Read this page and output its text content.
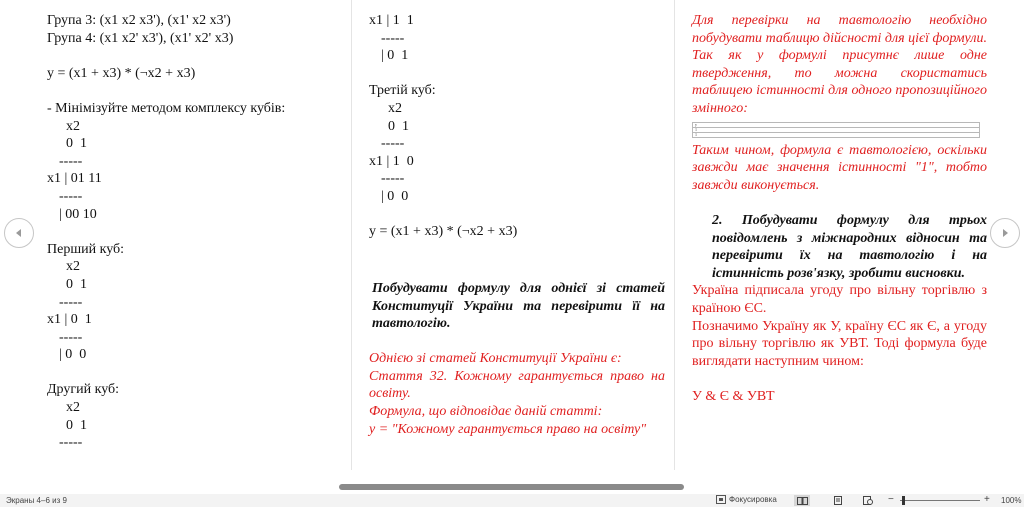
Група 3: (x1 x2 x3'), (x1' x2 x3')
Група 4: (x1 x2' x3'), (x1' x2' x3)
y = (x1 + x3) * (¬x2 + x3)
- Мінімізуйте методом комплексу кубів:
x2
0  1
-----
x1 | 01 11
-----
| 00 10
Перший куб:
x2
0  1
-----
x1 | 0  1
-----
| 0  0
Другий куб:
x2
0  1
-----
x1 | 1  1
-----
| 0  1
Третій куб:
x2
0  1
-----
x1 | 1  0
-----
| 0  0
y = (x1 + x3) * (¬x2 + x3)
Побудувати формулу для однієї зі статей Конституції України та перевірити її на тавтологію.
Однією зі статей Конституції України є:
Стаття 32. Кожному гарантується право на освіту.
Формула, що відповідає даній статті:
y = "Кожному гарантується право на освіту"
Для перевірки на тавтологію необхідно побудувати таблицю дійсності для цієї формули. Так як у формулі присутнє лише одне твердження, то можна скористатись таблицею істинності для одного пропозиційного змінного:
y
1
1
Таким чином, формула є тавтологією, оскільки завжди має значення істинності "1", тобто завжди виконується.
2. Побудувати формулу для трьох повідомлень з міжнародних відносин та перевірити їх на тавтологію і на істинність розв'язку, зробити висновки.
Україна підписала угоду про вільну торгівлю з країною ЄС.
Позначимо Україну як У, країну ЄС як Є, а угоду про вільну торгівлю як УВТ. Тоді формула буде виглядати наступним чином:
У & Є & УВТ
Экраны 4–6 из 9	Фокусировка	−	+ 100%
